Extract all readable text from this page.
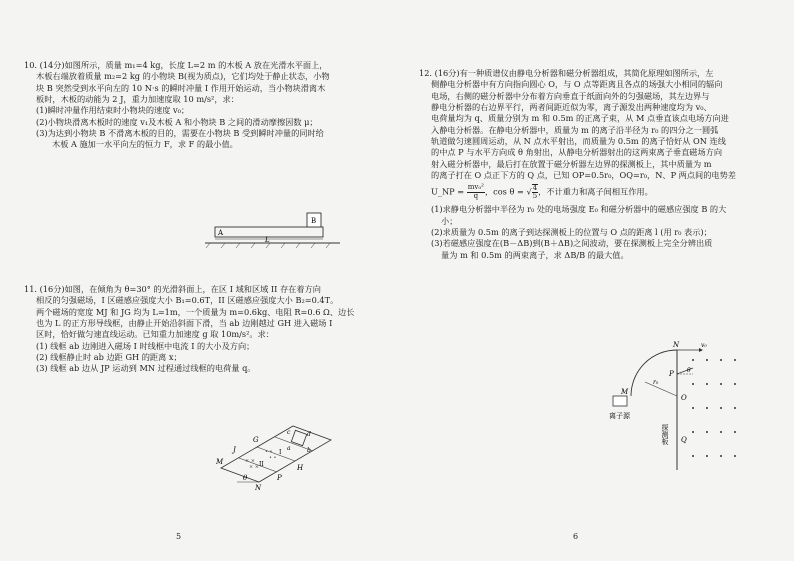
10. (14分)如图所示，质量 m₁=4 kg，长度 L=2 m 的木板 A 放在光滑水平面上，
木板右端放着质量 m₂=2 kg 的小物块 B(视为质点)，它们均处于静止状态，小物
块 B 突然受到水平向左的 10 N·s 的瞬时冲量 I 作用开始运动，当小物块滑离木
板时，木板的动能为 2 J，重力加速度取 10 m/s²，求：
(1)瞬时冲量作用结束时小物块的速度 v₀；
(2)小物块滑离木板时的速度 v₁及木板 A 和小物块 B 之间的滑动摩擦因数 μ；
(3)为达到小物块 B 不滑离木板的目的，需要在小物块 B 受到瞬时冲量的同时给
木板 A 施加一水平向左的恒力 F，求 F 的最小值。
B
A
L
11. (16分)如图，在倾角为 θ=30° 的光滑斜面上，在区 I 域和区域 II 存在着方向
相反的匀强磁场，I 区磁感应强度大小 B₁=0.6T，II 区磁感应强度大小 B₂=0.4T。
两个磁场的宽度 MJ 和 JG 均为 L=1m，一个质量为 m=0.6kg、电阻 R=0.6 Ω、边长
也为 L 的正方形导线框，由静止开始沿斜面下滑，当 ab 边刚越过 GH 进入磁场 I
区时，恰好做匀速直线运动。已知重力加速度 g 取 10m/s²。求：
(1) 线框 ab 边刚进入磁场 I 时线框中电流 I 的大小及方向；
(2) 线框静止时 ab 边距 GH 的距离 x；
(3) 线框 ab 边从 JP 运动到 MN 过程通过线框的电荷量 q。
× ×
× ×
• •
• •
M
J
G
N
P
H
c	d
a	b
I
II
θ
5
12. (16分)有一种质谱仪由静电分析器和磁分析器组成，其简化原理如图所示，左
侧静电分析器中有方向指向圆心 O，与 O 点等距离且各点的场强大小相同的辐向
电场，右侧的磁分析器中分布着方向垂直于纸面向外的匀强磁场，其左边界与
静电分析器的右边界平行，两者间距近似为零，离子源发出两种速度均为 v₀、
电荷量均为 q、质量分别为 m 和 0.5m 的正离子束，从 M 点垂直该点电场方向进
入静电分析器。在静电分析器中，质量为 m 的离子沿半径为 r₀ 的四分之一圆弧
轨道做匀速圆周运动，从 N 点水平射出，而质量为 0.5m 的离子恰好从 ON 连线
的中点 P 与水平方向成 θ 角射出，从静电分析器射出的这两束离子垂直磁场方向
射入磁分析器中，最后打在放置于磁分析器左边界的探测板上，其中质量为 m
的离子打在 O 点正下方的 Q 点，已知 OP=0.5r₀，OQ=r₀，N、P 两点间的电势差
U_NP = $\frac{\text{mv₀²}}{q}$ ，cos θ = √ $\frac{4}{5}$ ，不计重力和离子间相互作用。
(1)求静电分析器中半径为 r₀ 处的电场强度 E₀ 和磁分析器中的磁感应强度 B 的大
小；
(2)求质量为 0.5m 的离子到达探测板上的位置与 O 点的距离 l (用 r₀ 表示)；
(3)若磁感应强度在(B－ΔB)到(B＋ΔB)之间波动，要在探测板上完全分辨出质
量为 m 和 0.5m 的两束离子，求 ΔB/B 的最大值。
N	v₀
r₀
P θ
M
O
Q
离子源
探测板
6
